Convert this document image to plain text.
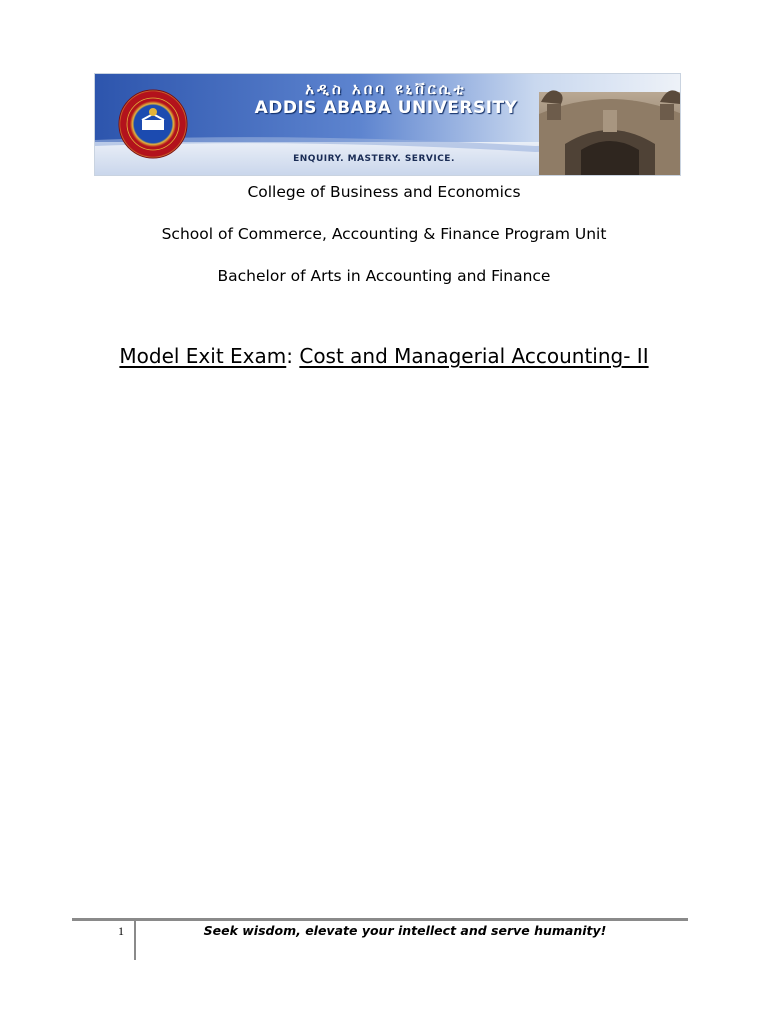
አዲስ አበባ ዩኒቨርሲቲ
ADDIS ABABA UNIVERSITY
ENQUIRY. MASTERY. SERVICE.
College of Business and Economics
School of Commerce, Accounting & Finance Program Unit
Bachelor of Arts in Accounting and Finance
Model Exit Exam: Cost and Managerial Accounting- II
1	Seek wisdom, elevate your intellect and serve humanity!
